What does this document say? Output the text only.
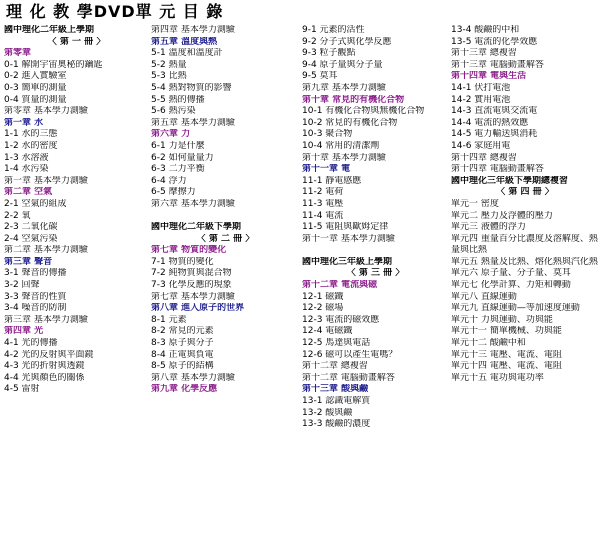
理 化 教 學DVD單 元 目 錄
國中理化二年級上學期
〈 第 一 冊 〉
第零章
0-1 解開宇宙奧秘的鑰匙
0-2 進入實驗室
0-3 簡單的測量
0-4 質量的測量
第零章 基本學力測驗
第一章 水
1-1 水的三態
1-2 水的密度
1-3 水溶液
1-4 水污染
第一章 基本學力測驗
第二章 空氣
2-1 空氣的組成
2-2 氧
2-3 二氧化碳
2-4 空氣污染
第二章 基本學力測驗
第三章 聲音
3-1 聲音的傳播
3-2 回聲
3-3 聲音的性質
3-4 噪音的防制
第三章 基本學力測驗
第四章 光
4-1 光的傳播
4-2 光的反射與平面鏡
4-3 光的折射與透鏡
4-4 光與顏色的關係
4-5 雷射
第四章 基本學力測驗
第五章 溫度與熱
5-1 溫度和溫度計
5-2 熱量
5-3 比熱
5-4 熱對物質的影響
5-5 熱的傳播
5-6 熱污染
第五章 基本學力測驗
第六章 力
6-1 力是什麼
6-2 如何量量力
6-3 二力平衡
6-4 浮力
6-5 摩擦力
第六章 基本學力測驗

國中理化二年級下學期
〈 第 二 冊 〉
第七章 物質的變化
7-1 物質的變化
7-2 純物質與混合物
7-3 化學反應的現象
第七章 基本學力測驗
第八章 進入原子的世界
8-1 元素
8-2 常見的元素
8-3 原子與分子
8-4 正電與負電
8-5 原子的結構
第八章 基本學力測驗
第九章 化學反應
9-1 元素的活性
9-2 分子式與化學反應
9-3 粒子觀點
9-4 原子量與分子量
9-5 莫耳
第九章 基本學力測驗
第十章 常見的有機化合物
10-1 有機化合物與無機化合物
10-2 常見的有機化合物
10-3 聚合物
10-4 常用的清潔劑
第十章 基本學力測驗
第十一章 電
11-1 靜電感應
11-2 電荷
11-3 電壓
11-4 電流
11-5 電阻與歐姆定律
第十一章 基本學力測驗

國中理化三年級上學期
〈 第 三 冊 〉
第十二章 電流與磁
12-1 磁鐵
12-2 磁場
12-3 電流的磁效應
12-4 電磁鐵
12-5 馬達與電話
12-6 磁可以產生電嗎？
第十二章 總複習
第十二章 電腦動畫解答
第十三章 酸與鹼
13-1 認識電解質
13-2 酸與鹼
13-3 酸鹼的濃度
13-4 酸鹼的中和
13-5 電流的化學效應
第十三章 總複習
第十三章 電腦動畫解答
第十四章 電與生活
14-1 伏打電池
14-2 實用電池
14-3 直流電與交流電
14-4 電流的熱效應
14-5 電力輸送與消耗
14-6 家庭用電
第十四章 總複習
第十四章 電腦動畫解答
國中理化三年級下學期總複習
〈 第 四 冊 〉
單元一 密度
單元二 壓力及浮體的壓力
單元三 液體的浮力
單元四 重量百分比濃度及溶解度、熱
量與比熱
單元五 熱量及比熱、熔化熱與汽化熱
單元六 原子量、分子量、莫耳
單元七 化學計算、力矩和轉動
單元八 直線運動
單元九 直線運動—等加速度運動
單元十 力與運動、功與能
單元十一 簡單機械、功與能
單元十二 酸鹼中和
單元十三 電壓、電流、電阻
單元十四 電壓、電流、電阻
單元十五 電功與電功率
